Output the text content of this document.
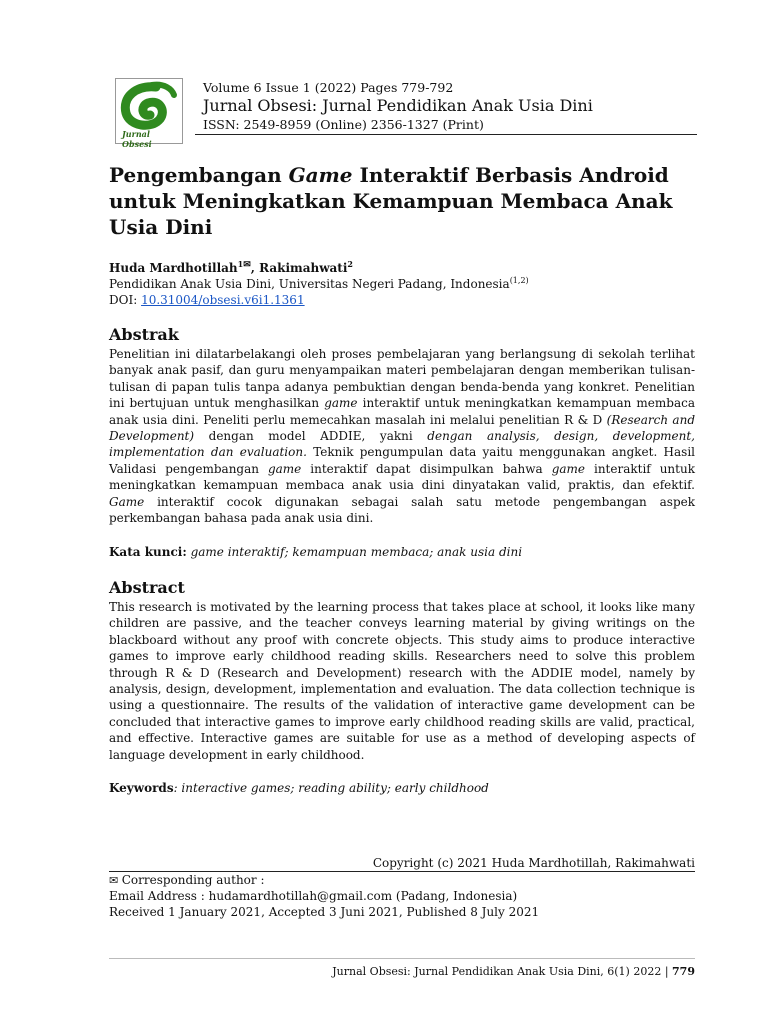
Jurnal Obsesi
Volume 6 Issue 1 (2022) Pages 779-792
Jurnal Obsesi: Jurnal Pendidikan Anak Usia Dini
ISSN: 2549-8959 (Online) 2356-1327 (Print)
Pengembangan Game Interaktif Berbasis Android untuk Meningkatkan Kemampuan Membaca Anak Usia Dini
Huda Mardhotillah$^{1✉}$, Rakimahwati$^2$
Pendidikan Anak Usia Dini, Universitas Negeri Padang, Indonesia$^{(1,2)}$
DOI: 10.31004/obsesi.v6i1.1361
Abstrak

Penelitian ini dilatarbelakangi oleh proses pembelajaran yang berlangsung di sekolah terlihat banyak anak pasif, dan guru menyampaikan materi pembelajaran dengan memberikan tulisan-tulisan di papan tulis tanpa adanya pembuktian dengan benda-benda yang konkret. Penelitian ini bertujuan untuk menghasilkan game interaktif untuk meningkatkan kemampuan membaca anak usia dini. Peneliti perlu memecahkan masalah ini melalui penelitian R & D (Research and Development) dengan model ADDIE, yakni dengan analysis, design, development, implementation dan evaluation. Teknik pengumpulan data yaitu menggunakan angket. Hasil Validasi pengembangan game interaktif dapat disimpulkan bahwa game interaktif untuk meningkatkan kemampuan membaca anak usia dini dinyatakan valid, praktis, dan efektif. Game interaktif cocok digunakan sebagai salah satu metode pengembangan aspek perkembangan bahasa pada anak usia dini.

Kata kunci: game interaktif; kemampuan membaca; anak usia dini
Abstract

This research is motivated by the learning process that takes place at school, it looks like many children are passive, and the teacher conveys learning material by giving writings on the blackboard without any proof with concrete objects. This study aims to produce interactive games to improve early childhood reading skills. Researchers need to solve this problem through R & D (Research and Development) research with the ADDIE model, namely by analysis, design, development, implementation and evaluation. The data collection technique is using a questionnaire. The results of the validation of interactive game development can be concluded that interactive games to improve early childhood reading skills are valid, practical, and effective. Interactive games are suitable for use as a method of developing aspects of language development in early childhood.

Keywords: interactive games; reading ability; early childhood
Copyright (c) 2021 Huda Mardhotillah, Rakimahwati
✉ Corresponding author :
Email Address : hudamardhotillah@gmail.com (Padang, Indonesia)
Received 1 January 2021, Accepted 3 Juni 2021, Published 8 July 2021
Jurnal Obsesi: Jurnal Pendidikan Anak Usia Dini, 6(1) 2022 | 779
